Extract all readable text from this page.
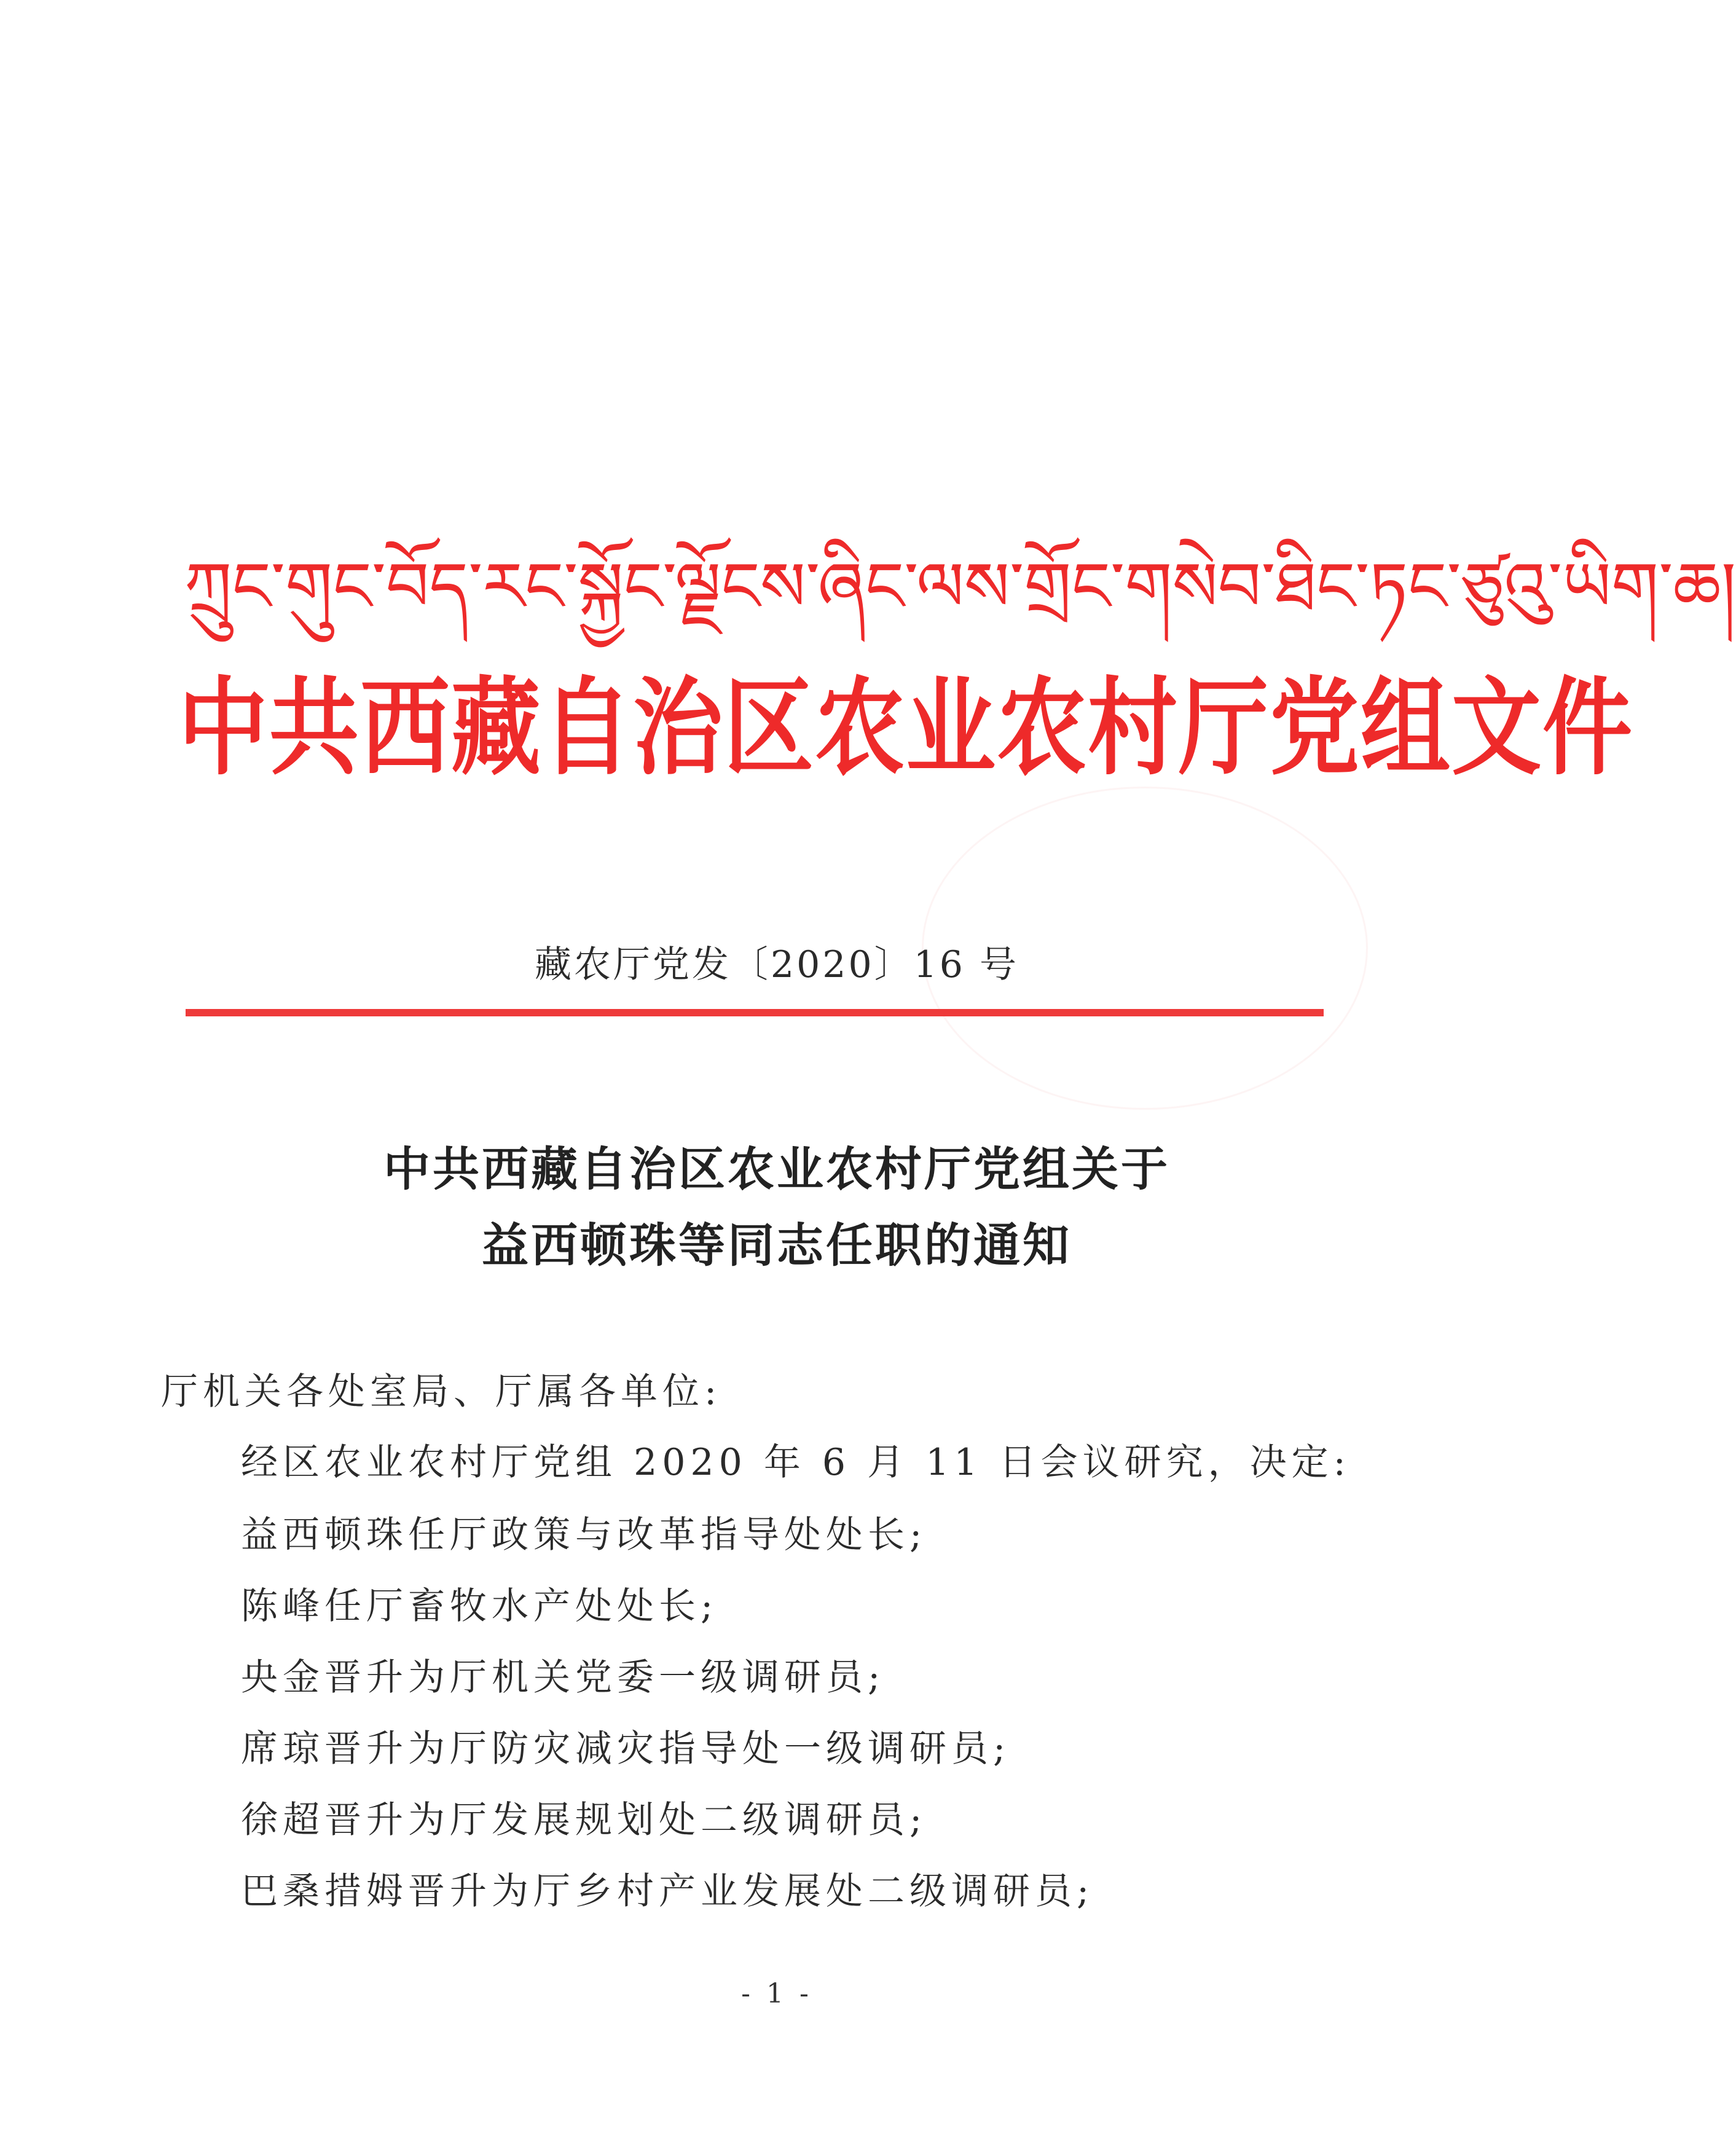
ཀྲུང་གུང་བོད་རང་སྐྱོང་ལྗོངས་ཞིང་ལས་གྲོང་གསེབ་ཐིང་ཏང་ཙུའུ་ཡིག་ཆ།
中共西藏自治区农业农村厅党组文件
藏农厅党发〔2020〕16 号
中共西藏自治区农业农村厅党组关于
益西顿珠等同志任职的通知
厅机关各处室局、厅属各单位:
经区农业农村厅党组 2020 年 6 月 11 日会议研究，决定:
益西顿珠任厅政策与改革指导处处长;
陈峰任厅畜牧水产处处长;
央金晋升为厅机关党委一级调研员;
席琼晋升为厅防灾减灾指导处一级调研员;
徐超晋升为厅发展规划处二级调研员;
巴桑措姆晋升为厅乡村产业发展处二级调研员;
- 1 -
